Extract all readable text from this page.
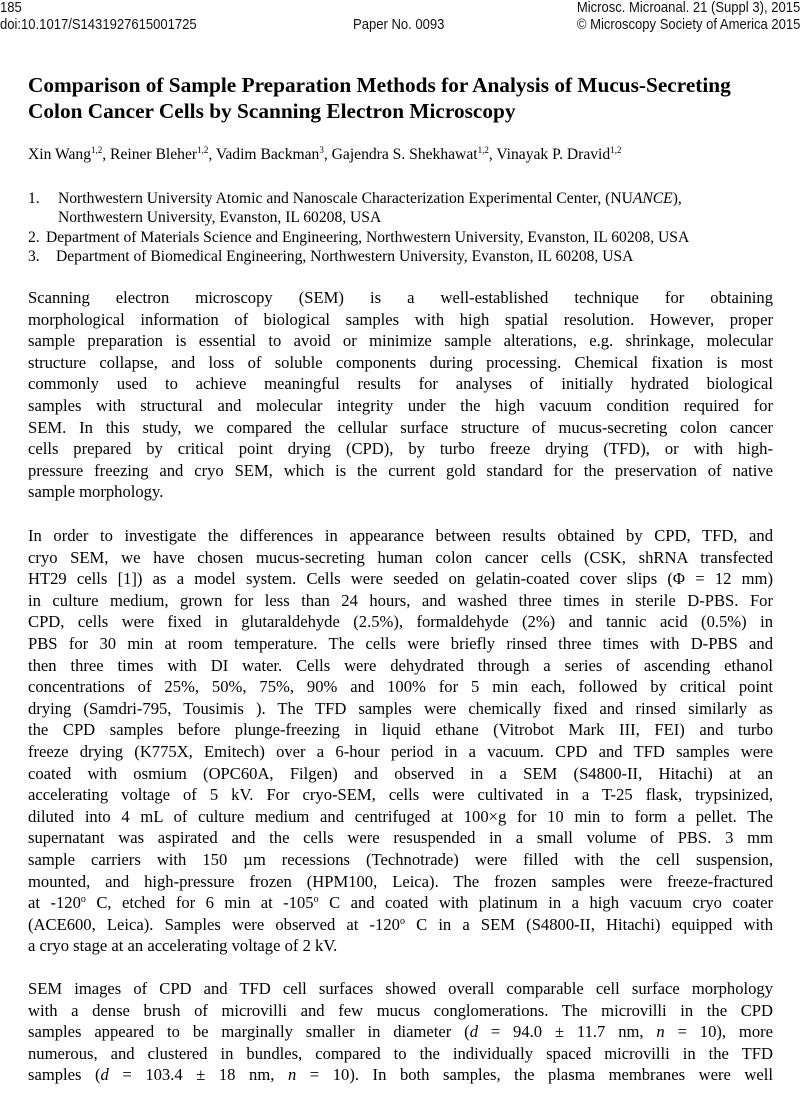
185
doi:10.1017/S1431927615001725	Paper No. 0093
Microsc. Microanal. 21 (Suppl 3), 2015
© Microscopy Society of America 2015
Comparison of Sample Preparation Methods for Analysis of Mucus-Secreting Colon Cancer Cells by Scanning Electron Microscopy
Xin Wang$^{1,2}$, Reiner Bleher$^{1,2}$, Vadim Backman$^3$, Gajendra S. Shekhawat$^{1,2}$, Vinayak P. Dravid$^{1,2}$
1. Northwestern University Atomic and Nanoscale Characterization Experimental Center, (NUANCE),
Northwestern University, Evanston, IL 60208, USA
2. Department of Materials Science and Engineering, Northwestern University, Evanston, IL 60208, USA
3. Department of Biomedical Engineering, Northwestern University, Evanston, IL 60208, USA
Scanning electron microscopy (SEM) is a well-established technique for obtaining
morphological information of biological samples with high spatial resolution. However, proper
sample preparation is essential to avoid or minimize sample alterations, e.g. shrinkage, molecular
structure collapse, and loss of soluble components during processing. Chemical fixation is most
commonly used to achieve meaningful results for analyses of initially hydrated biological
samples with structural and molecular integrity under the high vacuum condition required for
SEM. In this study, we compared the cellular surface structure of mucus-secreting colon cancer
cells prepared by critical point drying (CPD), by turbo freeze drying (TFD), or with high-
pressure freezing and cryo SEM, which is the current gold standard for the preservation of native
sample morphology.
In order to investigate the differences in appearance between results obtained by CPD, TFD, and
cryo SEM, we have chosen mucus-secreting human colon cancer cells (CSK, shRNA transfected
HT29 cells [1]) as a model system. Cells were seeded on gelatin-coated cover slips (Φ = 12 mm)
in culture medium, grown for less than 24 hours, and washed three times in sterile D-PBS. For
CPD, cells were fixed in glutaraldehyde (2.5%), formaldehyde (2%) and tannic acid (0.5%) in
PBS for 30 min at room temperature. The cells were briefly rinsed three times with D-PBS and
then three times with DI water. Cells were dehydrated through a series of ascending ethanol
concentrations of 25%, 50%, 75%, 90% and 100% for 5 min each, followed by critical point
drying (Samdri-795, Tousimis ). The TFD samples were chemically fixed and rinsed similarly as
the CPD samples before plunge-freezing in liquid ethane (Vitrobot Mark III, FEI) and turbo
freeze drying (K775X, Emitech) over a 6-hour period in a vacuum. CPD and TFD samples were
coated with osmium (OPC60A, Filgen) and observed in a SEM (S4800-II, Hitachi) at an
accelerating voltage of 5 kV. For cryo-SEM, cells were cultivated in a T-25 flask, trypsinized,
diluted into 4 mL of culture medium and centrifuged at 100×g for 10 min to form a pellet. The
supernatant was aspirated and the cells were resuspended in a small volume of PBS. 3 mm
sample carriers with 150 µm recessions (Technotrade) were filled with the cell suspension,
mounted, and high-pressure frozen (HPM100, Leica). The frozen samples were freeze-fractured
at -120$^o$ C, etched for 6 min at -105$^o$ C and coated with platinum in a high vacuum cryo coater
(ACE600, Leica). Samples were observed at -120$^o$ C in a SEM (S4800-II, Hitachi) equipped with
a cryo stage at an accelerating voltage of 2 kV.
SEM images of CPD and TFD cell surfaces showed overall comparable cell surface morphology
with a dense brush of microvilli and few mucus conglomerations. The microvilli in the CPD
samples appeared to be marginally smaller in diameter (d = 94.0 ± 11.7 nm, n = 10), more
numerous, and clustered in bundles, compared to the individually spaced microvilli in the TFD
samples (d = 103.4 ± 18 nm, n = 10). In both samples, the plasma membranes were well
